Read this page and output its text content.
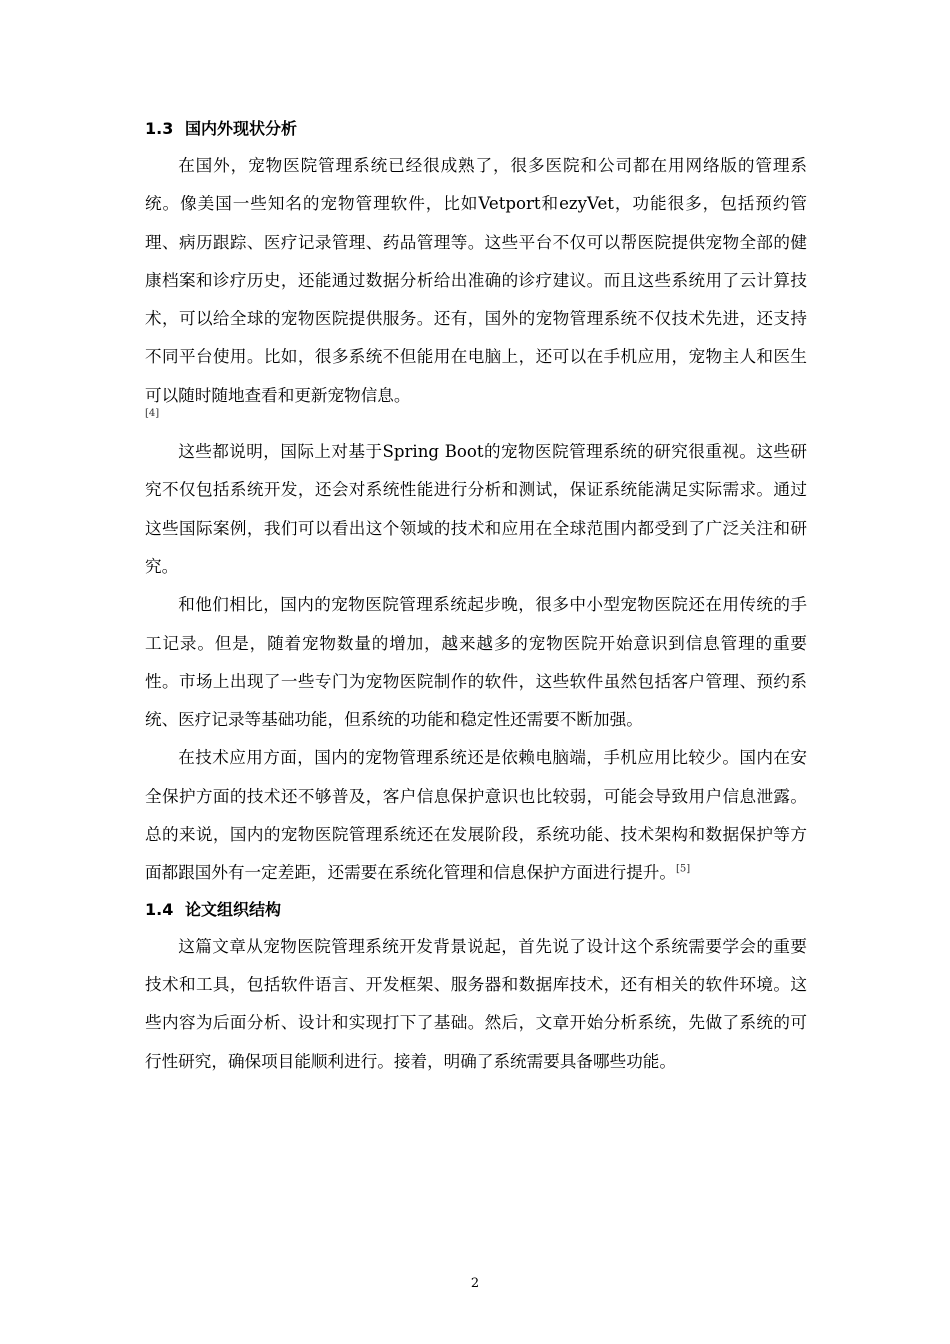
1.3 国内外现状分析

在国外，宠物医院管理系统已经很成熟了，很多医院和公司都在用网络版的管理系统。像美国一些知名的宠物管理软件，比如Vetport和ezyVet，功能很多，包括预约管理、病历跟踪、医疗记录管理、药品管理等。这些平台不仅可以帮医院提供宠物全部的健康档案和诊疗历史，还能通过数据分析给出准确的诊疗建议。而且这些系统用了云计算技术，可以给全球的宠物医院提供服务。还有，国外的宠物管理系统不仅技术先进，还支持不同平台使用。比如，很多系统不但能用在电脑上，还可以在手机应用，宠物主人和医生可以随时随地查看和更新宠物信息。

[4]

这些都说明，国际上对基于Spring Boot的宠物医院管理系统的研究很重视。这些研究不仅包括系统开发，还会对系统性能进行分析和测试，保证系统能满足实际需求。通过这些国际案例，我们可以看出这个领域的技术和应用在全球范围内都受到了广泛关注和研究。

和他们相比，国内的宠物医院管理系统起步晚，很多中小型宠物医院还在用传统的手工记录。但是，随着宠物数量的增加，越来越多的宠物医院开始意识到信息管理的重要性。市场上出现了一些专门为宠物医院制作的软件，这些软件虽然包括客户管理、预约系统、医疗记录等基础功能，但系统的功能和稳定性还需要不断加强。

在技术应用方面，国内的宠物管理系统还是依赖电脑端，手机应用比较少。国内在安全保护方面的技术还不够普及，客户信息保护意识也比较弱，可能会导致用户信息泄露。总的来说，国内的宠物医院管理系统还在发展阶段，系统功能、技术架构和数据保护等方面都跟国外有一定差距，还需要在系统化管理和信息保护方面进行提升。[5]

1.4 论文组织结构

这篇文章从宠物医院管理系统开发背景说起，首先说了设计这个系统需要学会的重要技术和工具，包括软件语言、开发框架、服务器和数据库技术，还有相关的软件环境。这些内容为后面分析、设计和实现打下了基础。然后，文章开始分析系统，先做了系统的可行性研究，确保项目能顺利进行。接着，明确了系统需要具备哪些功能。

2
